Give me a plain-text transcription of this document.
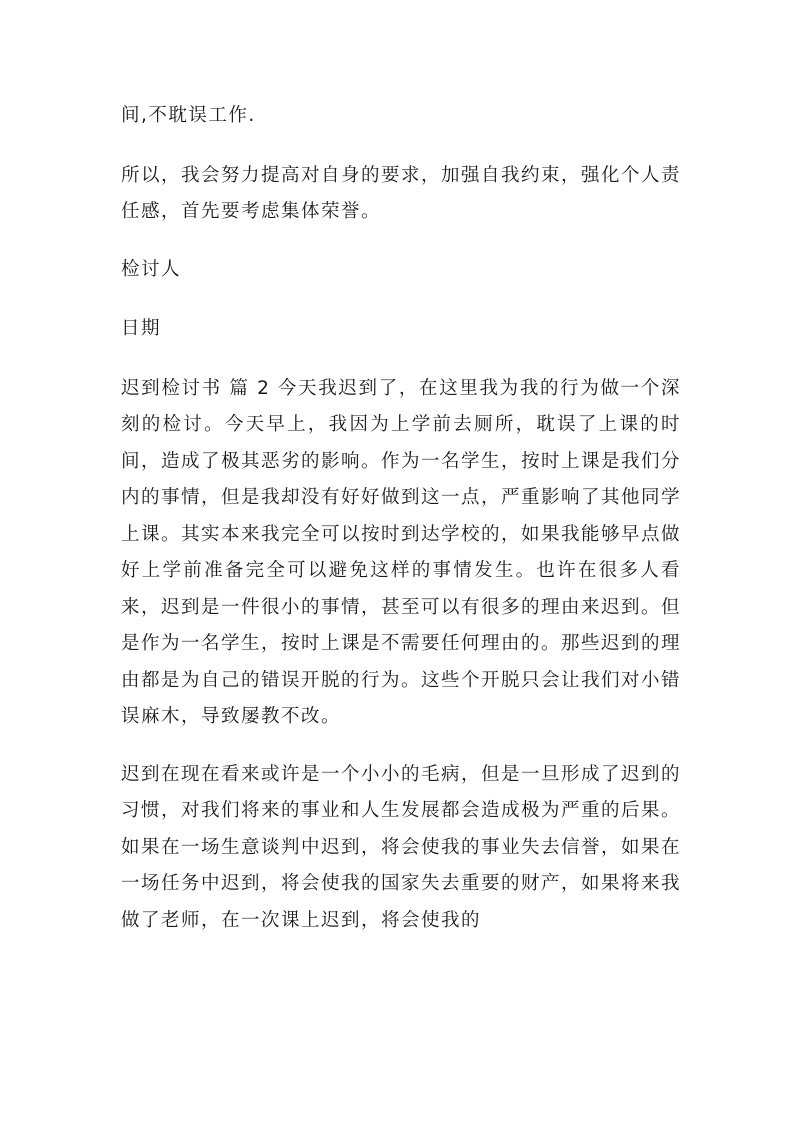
间,不耽误工作.

所以，我会努力提高对自身的要求，加强自我约束，强化个人责任感，首先要考虑集体荣誉。

检讨人

日期

迟到检讨书 篇 2 今天我迟到了，在这里我为我的行为做一个深刻的检讨。今天早上，我因为上学前去厕所，耽误了上课的时间，造成了极其恶劣的影响。作为一名学生，按时上课是我们分内的事情，但是我却没有好好做到这一点，严重影响了其他同学上课。其实本来我完全可以按时到达学校的，如果我能够早点做好上学前准备完全可以避免这样的事情发生。也许在很多人看来，迟到是一件很小的事情，甚至可以有很多的理由来迟到。但是作为一名学生，按时上课是不需要任何理由的。那些迟到的理由都是为自己的错误开脱的行为。这些个开脱只会让我们对小错误麻木，导致屡教不改。

迟到在现在看来或许是一个小小的毛病，但是一旦形成了迟到的习惯，对我们将来的事业和人生发展都会造成极为严重的后果。如果在一场生意谈判中迟到，将会使我的事业失去信誉，如果在一场任务中迟到，将会使我的国家失去重要的财产，如果将来我做了老师，在一次课上迟到，将会使我的
